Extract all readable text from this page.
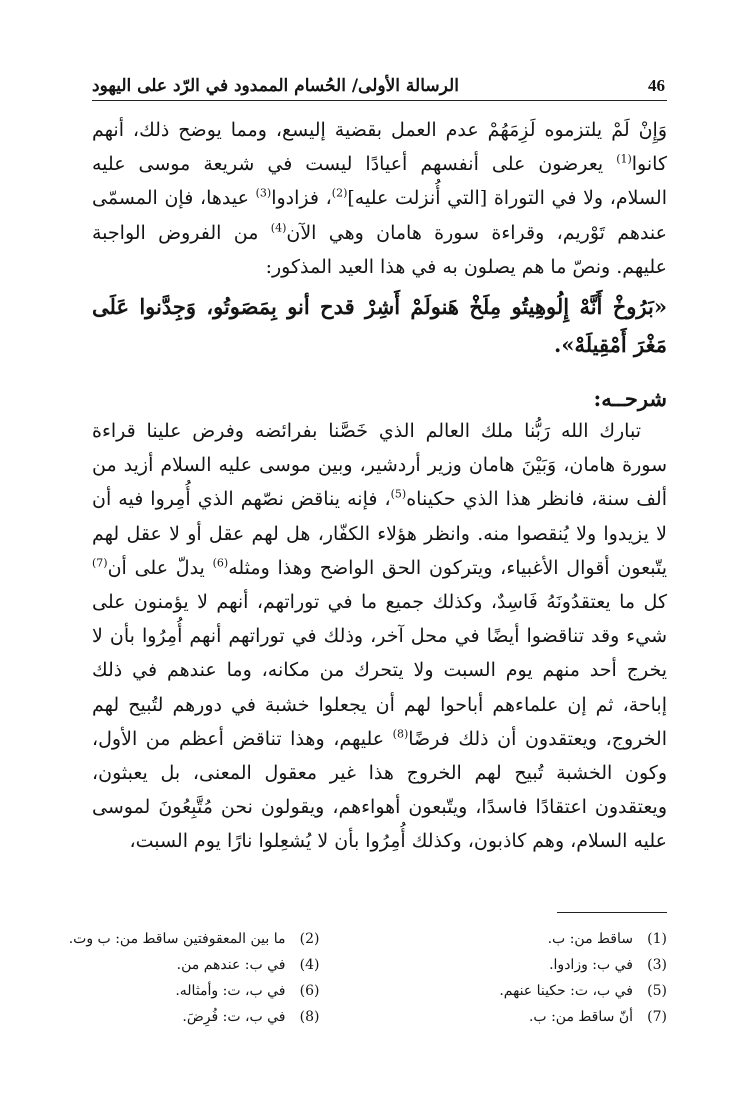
46
الرسالة الأولى/ الحُسام الممدود في الرّد على اليهود

وَإِنْ لَمْ يلتزموه لَزِمَهُمْ عدم العمل بقضية إليسع، ومما يوضح ذلك، أنهم كانوا$^{(1)}$ يعرضون على أنفسهم أعيادًا ليست في شريعة موسى عليه السلام، ولا في التوراة [التي أُنزلت عليه]$^{(2)}$، فزادوا$^{(3)}$ عيدها، فإن المسمّى عندهم تَوْريم، وقراءة سورة هامان وهي الآن$^{(4)}$ من الفروض الواجبة عليهم. ونصّ ما هم يصلون به في هذا العيد المذكور:

«بَرُوخْ أَنَّهْ إِلُوهِيتُو مِلَخْ هَنولَمْ أَشِرْ قدح أنو بِمَصَوتُو، وَجِدَّنوا عَلَى مَغْرَ أَمْقِيلَهْ».

شرحــه:

تبارك الله رَبُّنا ملك العالم الذي خَصَّنا بفرائضه وفرض علينا قراءة سورة هامان، وَبَيْنَ هامان وزير أردشير، وبين موسى عليه السلام أزيد من ألف سنة، فانظر هذا الذي حكيناه$^{(5)}$، فإنه يناقض نصّهم الذي أُمِروا فيه أن لا يزيدوا ولا يُنقصوا منه. وانظر هؤلاء الكفّار، هل لهم عقل أو لا عقل لهم يتّبعون أقوال الأغبياء، ويتركون الحق الواضح وهذا ومثله$^{(6)}$ يدلّ على أن$^{(7)}$ كل ما يعتقدُونَهُ فَاسِدٌ، وكذلك جميع ما في توراتهم، أنهم لا يؤمنون على شيء وقد تناقضوا أيضًا في محل آخر، وذلك في توراتهم أنهم أُمِرُوا بأن لا يخرج أحد منهم يوم السبت ولا يتحرك من مكانه، وما عندهم في ذلك إباحة، ثم إن علماءهم أباحوا لهم أن يجعلوا خشبة في دورهم لتُبيح لهم الخروج، ويعتقدون أن ذلك فرضًا$^{(8)}$ عليهم، وهذا تناقض أعظم من الأول، وكون الخشبة تُبيح لهم الخروج هذا غير معقول المعنى، بل يعبثون، ويعتقدون اعتقادًا فاسدًا، ويتّبعون أهواءهم، ويقولون نحن مُتَّبِعُونَ لموسى عليه السلام، وهم كاذبون، وكذلك أُمِرُوا بأن لا يُشعِلوا نارًا يوم السبت،

(1)ساقط من: ب.
(3)في ب: وزادوا.
(5)في ب، ت: حكينا عنهم.
(7)أنّ ساقط من: ب.
(2)ما بين المعقوفتين ساقط من: ب وت.
(4)في ب: عندهم من.
(6)في ب، ت: وأمثاله.
(8)في ب، ت: فُرِضَ.
